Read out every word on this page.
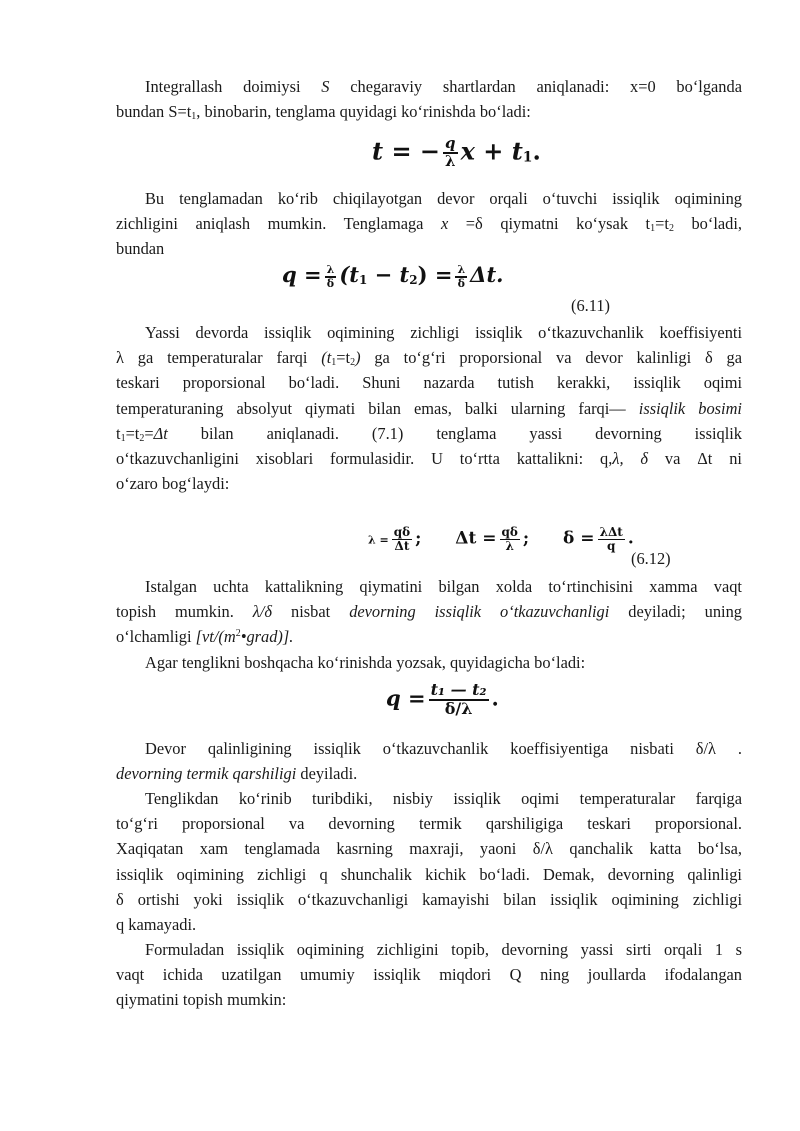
Integrallash doimiysi S chegaraviy shartlardan aniqlanadi: x=0 bo‘lganda
bundan $S=t_1$, binobarin, tenglama quyidagi ko‘rinishda bo‘ladi:
t = − $\frac{q}{\lambda}$ $x + t_1$.
Bu tenglamadan ko‘rib chiqilayotgan devor orqali o‘tuvchi issiqlik oqimining
zichligini aniqlash mumkin. Tenglamaga x =δ qiymatni ko‘ysak $t_1=t_2$ bo‘ladi,
bundan
$q = \frac{\lambda}{\delta} (t_1 - t_2) = \frac{\lambda}{\delta} \Delta t$.
(6.11)
Yassi devorda issiqlik oqimining zichligi issiqlik o‘tkazuvchanlik koeffisiyenti
λ ga temperaturalar farqi $(t_1=t_2)$ ga to‘g‘ri proporsional va devor kalinligi δ ga
teskari proporsional bo‘ladi. Shuni nazarda tutish kerakki, issiqlik oqimi
temperaturaning absolyut qiymati bilan emas, balki ularning farqi— issiqlik bosimi
$t_1=t_2=\Delta t$ bilan aniqlanadi. (7.1) tenglama yassi devorning issiqlik
o‘tkazuvchanligini xisoblari formulasidir. U to‘rtta kattalikni: q,λ, δ va Δt ni
o‘zaro bog‘laydi:
$\lambda = \frac{q\delta}{\Delta t}$ ; $\Delta t = \frac{q\delta}{\lambda}$ ; $\delta = \frac{\text{λΔt}}{q}$ .
(6.12)
Istalgan uchta kattalikning qiymatini bilgan xolda to‘rtinchisini xamma vaqt
topish mumkin. λ/δ nisbat devorning issiqlik o‘tkazuvchanligi deyiladi; uning
o‘lchamligi $[vt/(m^2•grad)]$.
Agar tenglikni boshqacha ko‘rinishda yozsak, quyidagicha bo‘ladi:
$q = \frac{\text{t₁ — t₂}}{\delta/\lambda}$ .
Devor qalinligining issiqlik o‘tkazuvchanlik koeffisiyentiga nisbati δ/λ .
devorning termik qarshiligi deyiladi.
Tenglikdan ko‘rinib turibdiki, nisbiy issiqlik oqimi temperaturalar farqiga
to‘g‘ri proporsional va devorning termik qarshiligiga teskari proporsional.
Xaqiqatan xam tenglamada kasrning maxraji, yaoni δ/λ qanchalik katta bo‘lsa,
issiqlik oqimining zichligi q shunchalik kichik bo‘ladi. Demak, devorning qalinligi
δ ortishi yoki issiqlik o‘tkazuvchanligi kamayishi bilan issiqlik oqimining zichligi
q kamayadi.
Formuladan issiqlik oqimining zichligini topib, devorning yassi sirti orqali 1 s
vaqt ichida uzatilgan umumiy issiqlik miqdori Q ning joullarda ifodalangan
qiymatini topish mumkin:
